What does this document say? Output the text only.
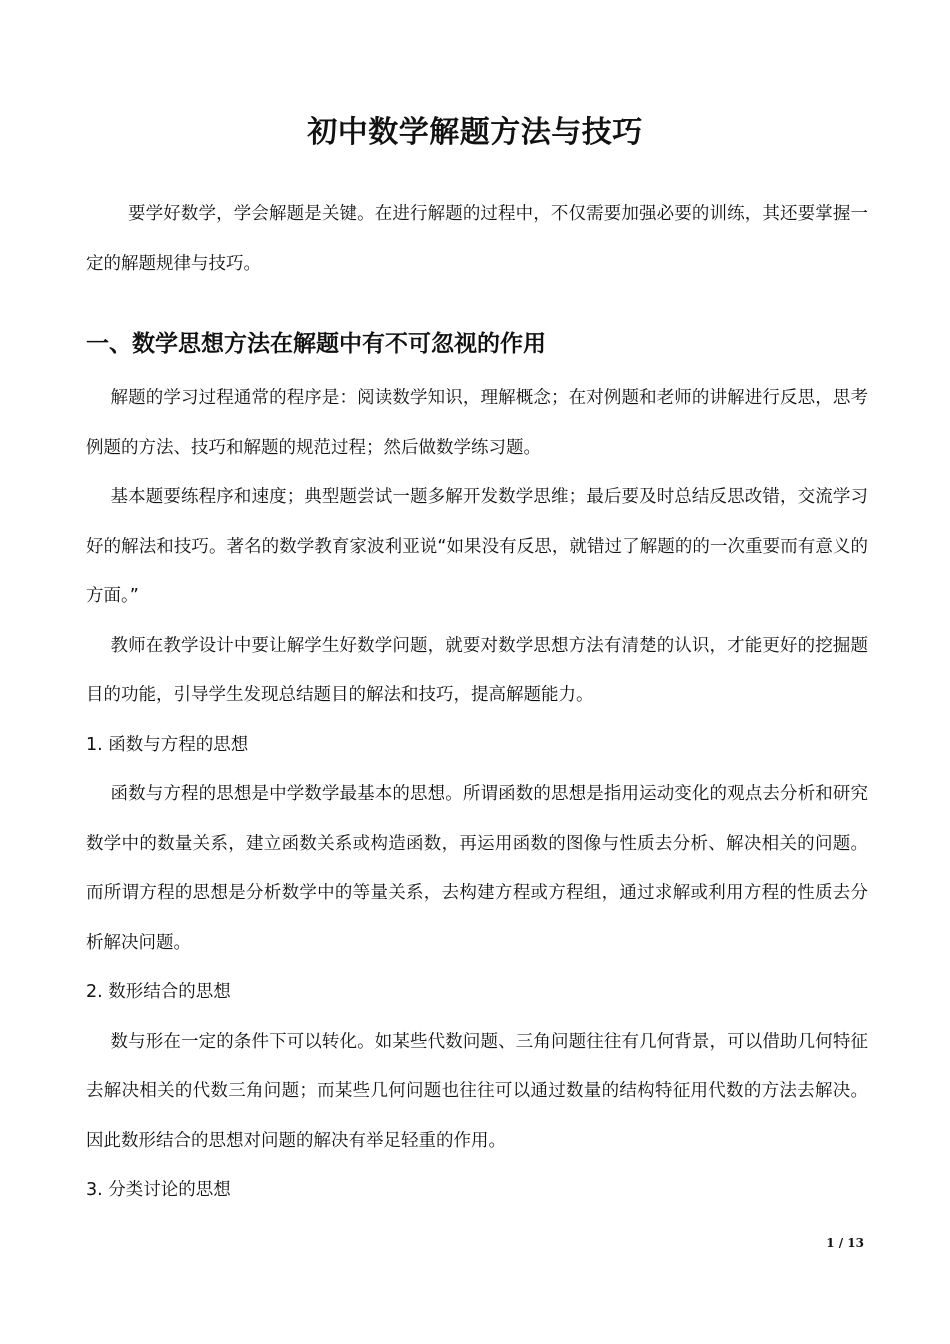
初中数学解题方法与技巧

要学好数学，学会解题是关键。在进行解题的过程中，不仅需要加强必要的训练，其还要掌握一定的解题规律与技巧。

一、数学思想方法在解题中有不可忽视的作用

解题的学习过程通常的程序是：阅读数学知识，理解概念；在对例题和老师的讲解进行反思，思考例题的方法、技巧和解题的规范过程；然后做数学练习题。

基本题要练程序和速度；典型题尝试一题多解开发数学思维；最后要及时总结反思改错，交流学习好的解法和技巧。著名的数学教育家波利亚说“如果没有反思，就错过了解题的的一次重要而有意义的方面。”

教师在教学设计中要让解学生好数学问题，就要对数学思想方法有清楚的认识，才能更好的挖掘题目的功能，引导学生发现总结题目的解法和技巧，提高解题能力。

1. 函数与方程的思想

函数与方程的思想是中学数学最基本的思想。所谓函数的思想是指用运动变化的观点去分析和研究数学中的数量关系，建立函数关系或构造函数，再运用函数的图像与性质去分析、解决相关的问题。而所谓方程的思想是分析数学中的等量关系，去构建方程或方程组，通过求解或利用方程的性质去分析解决问题。

2. 数形结合的思想

数与形在一定的条件下可以转化。如某些代数问题、三角问题往往有几何背景，可以借助几何特征去解决相关的代数三角问题；而某些几何问题也往往可以通过数量的结构特征用代数的方法去解决。因此数形结合的思想对问题的解决有举足轻重的作用。

3. 分类讨论的思想

1 / 13
